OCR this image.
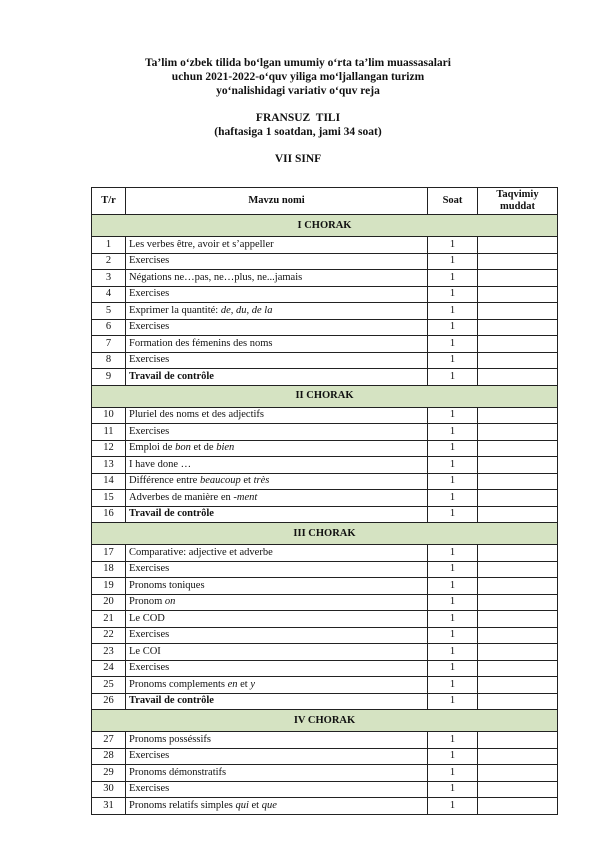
Ta’lim o‘zbek tilida bo‘lgan umumiy o‘rta ta’lim muassasalari
uchun 2021-2022-o‘quv yiliga mo‘ljallangan turizm
yo‘nalishidagi variativ o‘quv reja
FRANSUZ  TILI
(haftasiga 1 soatdan, jami 34 soat)
VII SINF
T/r	Mavzu nomi	Soat	Taqvimiy muddat
I CHORAK			
1	Les verbes être, avoir et s’appeller	1	
2	Exercises	1	
3	Négations ne…pas, ne…plus, ne...jamais	1	
4	Exercises	1	
5	Exprimer la quantité: de, du, de la	1	
6	Exercises	1	
7	Formation des fémenins des noms	1	
8	Exercises	1	
9	Travail de contrôle	1	
II CHORAK			
10	Pluriel des noms et des adjectifs	1	
11	Exercises	1	
12	Emploi de bon et de bien	1	
13	I have done …	1	
14	Différence entre beaucoup et très	1	
15	Adverbes de manière en -ment	1	
16	Travail de contrôle	1	
III CHORAK			
17	Comparative: adjective et adverbe	1	
18	Exercises	1	
19	Pronoms toniques	1	
20	Pronom on	1	
21	Le COD	1	
22	Exercises	1	
23	Le COI	1	
24	Exercises	1	
25	Pronoms complements en et y	1	
26	Travail de contrôle	1	
IV CHORAK			
27	Pronoms posséssifs	1	
28	Exercises	1	
29	Pronoms démonstratifs	1	
30	Exercises	1	
31	Pronoms relatifs simples qui et que	1	
